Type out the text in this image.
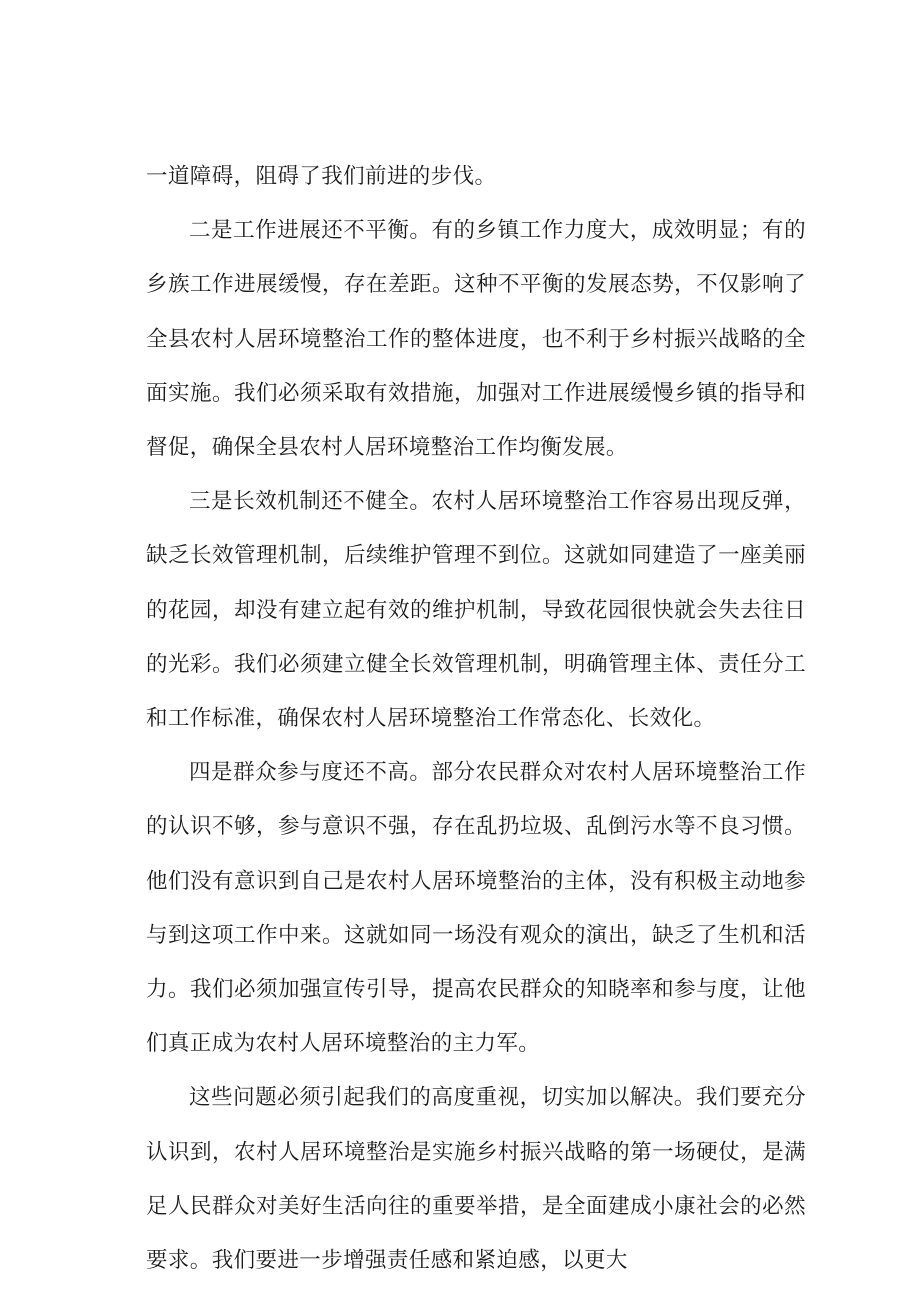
一道障碍，阻碍了我们前进的步伐。

二是工作进展还不平衡。有的乡镇工作力度大，成效明显；有的乡族工作进展缓慢，存在差距。这种不平衡的发展态势，不仅影响了全县农村人居环境整治工作的整体进度，也不利于乡村振兴战略的全面实施。我们必须采取有效措施，加强对工作进展缓慢乡镇的指导和督促，确保全县农村人居环境整治工作均衡发展。

三是长效机制还不健全。农村人居环境整治工作容易出现反弹，缺乏长效管理机制，后续维护管理不到位。这就如同建造了一座美丽的花园，却没有建立起有效的维护机制，导致花园很快就会失去往日的光彩。我们必须建立健全长效管理机制，明确管理主体、责任分工和工作标准，确保农村人居环境整治工作常态化、长效化。

四是群众参与度还不高。部分农民群众对农村人居环境整治工作的认识不够，参与意识不强，存在乱扔垃圾、乱倒污水等不良习惯。他们没有意识到自己是农村人居环境整治的主体，没有积极主动地参与到这项工作中来。这就如同一场没有观众的演出，缺乏了生机和活力。我们必须加强宣传引导，提高农民群众的知晓率和参与度，让他们真正成为农村人居环境整治的主力军。

这些问题必须引起我们的高度重视，切实加以解决。我们要充分认识到，农村人居环境整治是实施乡村振兴战略的第一场硬仗，是满足人民群众对美好生活向往的重要举措，是全面建成小康社会的必然要求。我们要进一步增强责任感和紧迫感，以更大
